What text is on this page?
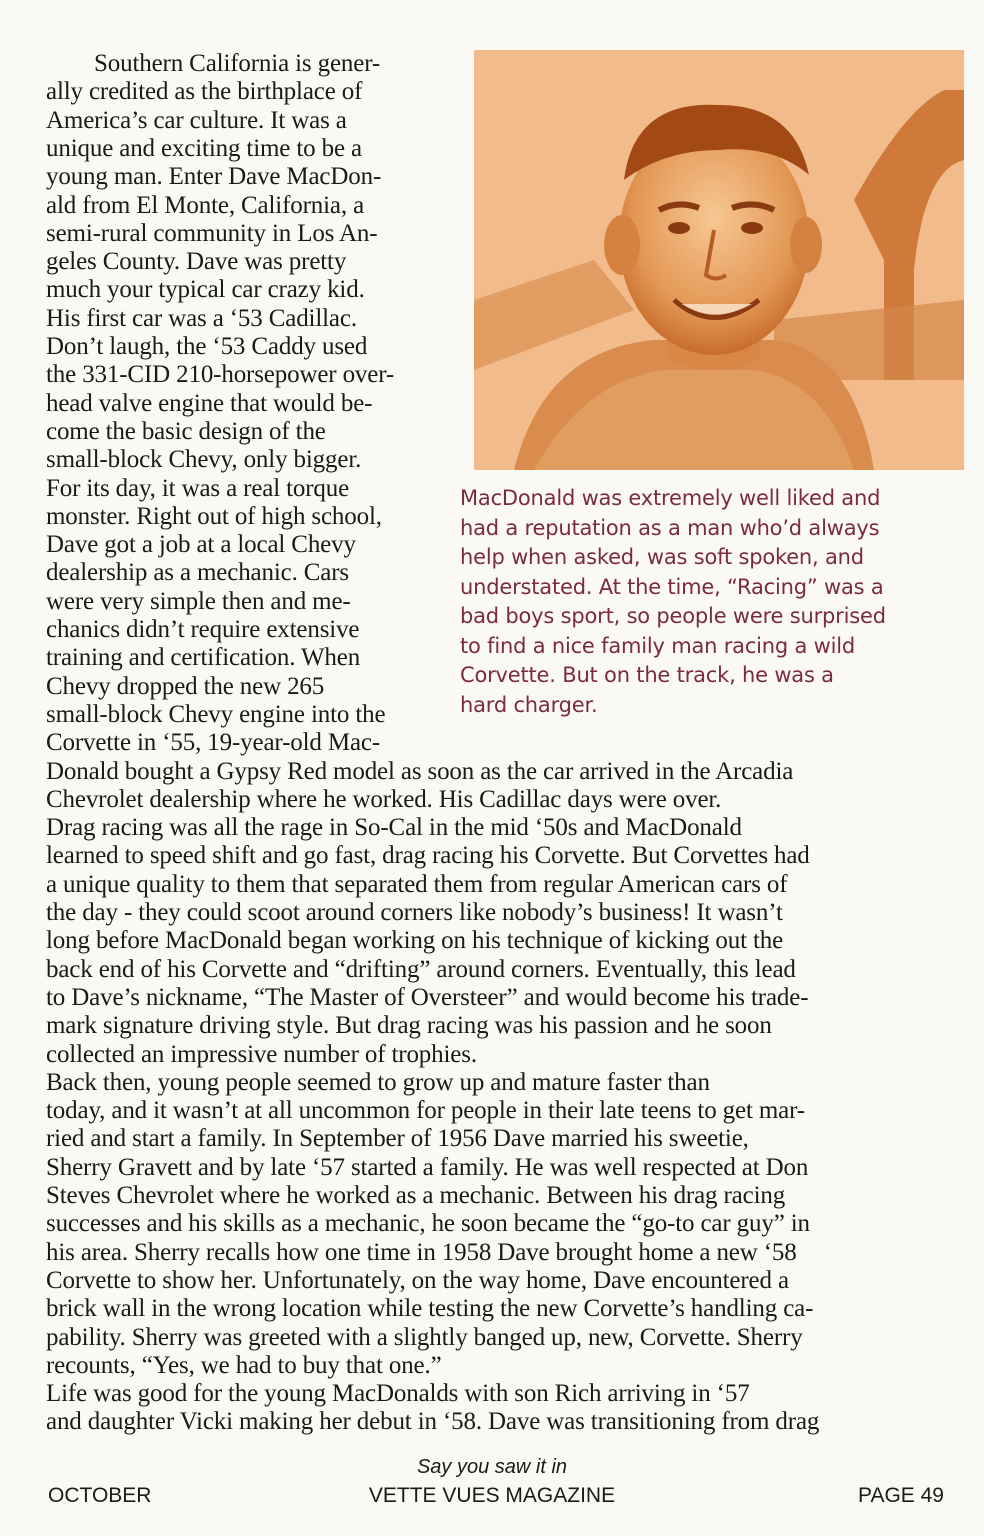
Southern California is gener-
ally credited as the birthplace of
America’s car culture. It was a
unique and exciting time to be a
young man. Enter Dave MacDon-
ald from El Monte, California, a
semi-rural community in Los An-
geles County. Dave was pretty
much your typical car crazy kid.
His first car was a ‘53 Cadillac.
Don’t laugh, the ‘53 Caddy used
the 331-CID 210-horsepower over-
head valve engine that would be-
come the basic design of the
small-block Chevy, only bigger.
For its day, it was a real torque
monster. Right out of high school,
Dave got a job at a local Chevy
dealership as a mechanic. Cars
were very simple then and me-
chanics didn’t require extensive
training and certification. When
Chevy dropped the new 265
small-block Chevy engine into the
Corvette in ‘55, 19-year-old Mac-
MacDonald was extremely well liked and
had a reputation as a man who’d always
help when asked, was soft spoken, and
understated. At the time, “Racing” was a
bad boys sport, so people were surprised
to find a nice family man racing a wild
Corvette. But on the track, he was a
hard charger.
Donald bought a Gypsy Red model as soon as the car arrived in the Arcadia
Chevrolet dealership where he worked. His Cadillac days were over.
Drag racing was all the rage in So-Cal in the mid ‘50s and MacDonald
learned to speed shift and go fast, drag racing his Corvette. But Corvettes had
a unique quality to them that separated them from regular American cars of
the day - they could scoot around corners like nobody’s business! It wasn’t
long before MacDonald began working on his technique of kicking out the
back end of his Corvette and “drifting” around corners. Eventually, this lead
to Dave’s nickname, “The Master of Oversteer” and would become his trade-
mark signature driving style. But drag racing was his passion and he soon
collected an impressive number of trophies.
Back then, young people seemed to grow up and mature faster than
today, and it wasn’t at all uncommon for people in their late teens to get mar-
ried and start a family. In September of 1956 Dave married his sweetie,
Sherry Gravett and by late ‘57 started a family. He was well respected at Don
Steves Chevrolet where he worked as a mechanic. Between his drag racing
successes and his skills as a mechanic, he soon became the “go-to car guy” in
his area. Sherry recalls how one time in 1958 Dave brought home a new ‘58
Corvette to show her. Unfortunately, on the way home, Dave encountered a
brick wall in the wrong location while testing the new Corvette’s handling ca-
pability. Sherry was greeted with a slightly banged up, new, Corvette. Sherry
recounts, “Yes, we had to buy that one.”
Life was good for the young MacDonalds with son Rich arriving in ‘57
and daughter Vicki making her debut in ‘58. Dave was transitioning from drag
OCTOBER
Say you saw it in
VETTE VUES MAGAZINE	PAGE 49
